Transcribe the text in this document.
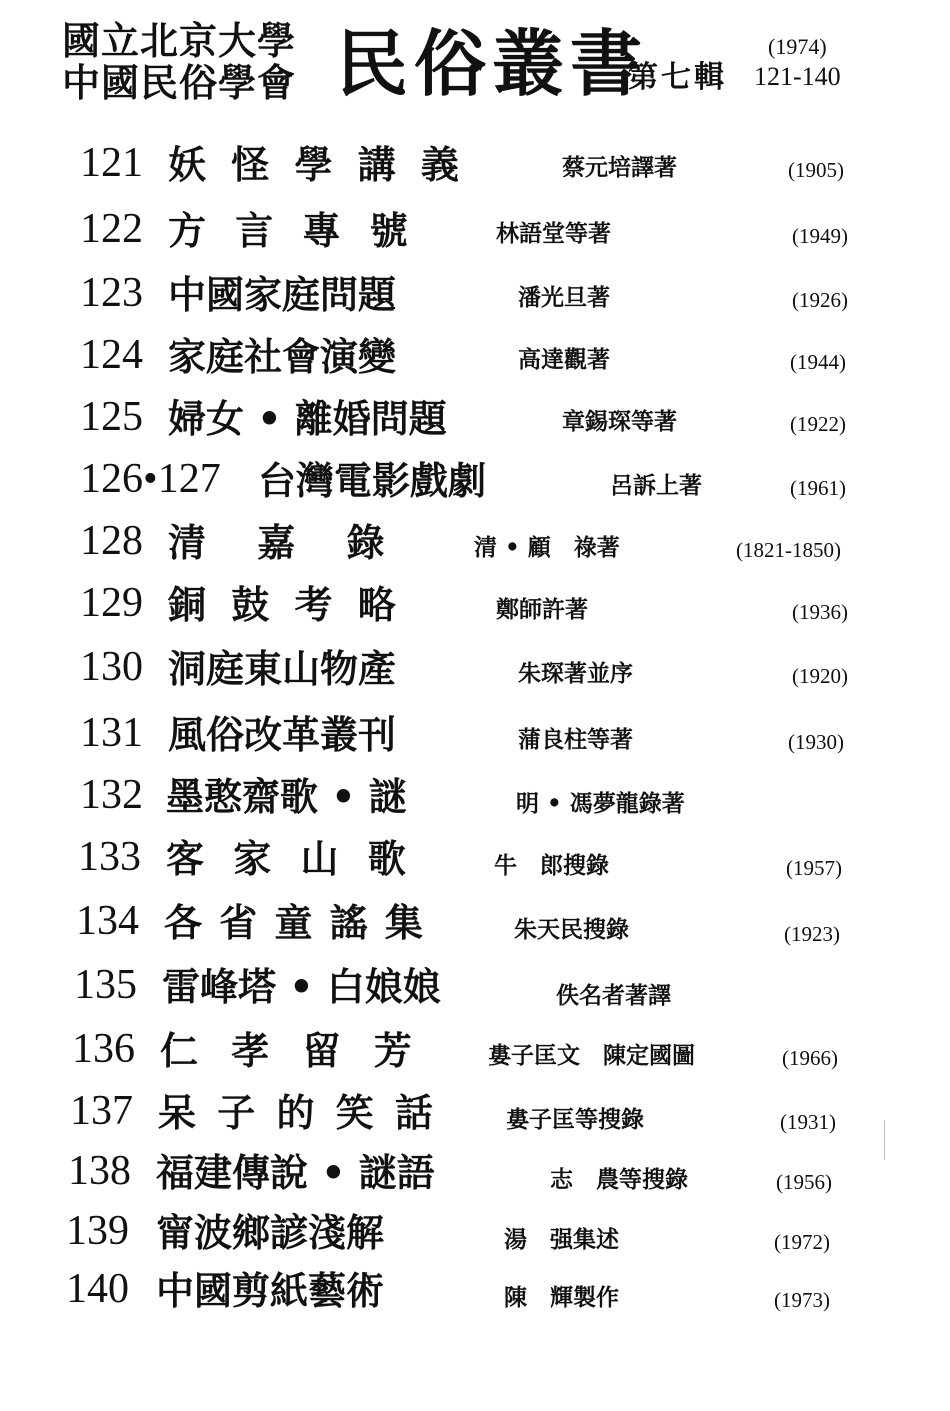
國立北京大學
中國民俗學會 民俗叢書
第七輯
(1974)
121-140
121 妖 怪 學 講 義	蔡元培譯著	(1905)
122 方 言 專 號	林語堂等著	(1949)
123 中國家庭問題	潘光旦著	(1926)
124 家庭社會演變	高達觀著	(1944)
125 婦女 • 離婚問題	章錫琛等著	(1922)
126•127 台灣電影戲劇	呂訴上著	(1961)
128 清　 嘉　 錄	清 • 顧　祿著	(1821-1850)
129 銅 鼓 考 略	鄭師許著	(1936)
130 洞庭東山物產	朱琛著並序	(1920)
131 風俗改革叢刊	蒲良柱等著	(1930)
132 墨憨齋歌 • 謎	明 • 馮夢龍錄著
133 客 家 山 歌	牛　郎搜錄	(1957)
134 各 省 童 謠 集	朱天民搜錄	(1923)
135 雷峰塔 • 白娘娘	佚名者著譯
136 仁 孝 留 芳	婁子匡文　陳定國圖	(1966)
137 呆 子 的 笑 話	婁子匡等搜錄	(1931)
138 福建傳說 • 謎語	志　農等搜錄	(1956)
139 甯波鄉諺淺解	湯　强集述	(1972)
140 中國剪紙藝術	陳　輝製作	(1973)
